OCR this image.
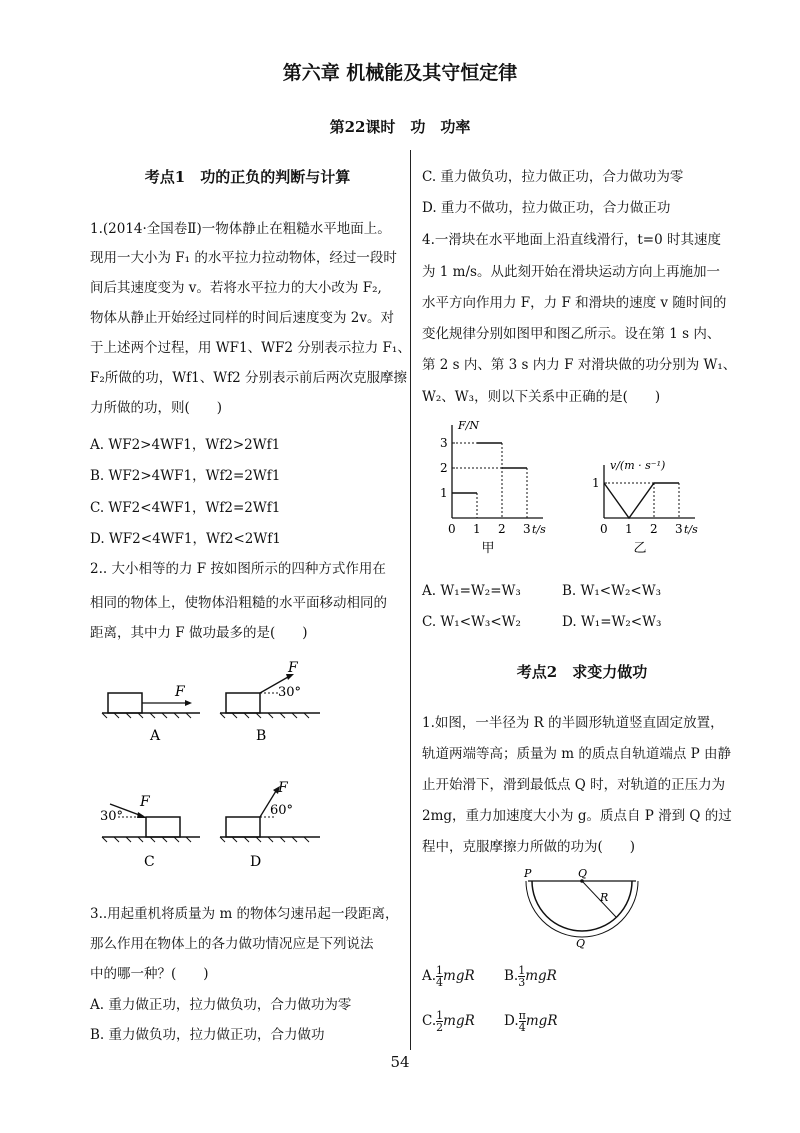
第六章 机械能及其守恒定律
第22课时　功　功率
考点1　功的正负的判断与计算
1.(2014·全国卷Ⅱ)一物体静止在粗糙水平地面上。
现用一大小为 F₁ 的水平拉力拉动物体，经过一段时
间后其速度变为 v。若将水平拉力的大小改为 F₂,
物体从静止开始经过同样的时间后速度变为 2v。对
于上述两个过程，用 WF1、WF2 分别表示拉力 F₁、
F₂所做的功，Wf1、Wf2 分别表示前后两次克服摩擦
力所做的功，则(　　)
A. WF2>4WF1，Wf2>2Wf1
B. WF2>4WF1，Wf2=2Wf1
C. WF2<4WF1，Wf2=2Wf1
D. WF2<4WF1，Wf2<2Wf1
2.. 大小相等的力 F 按如图所示的四种方式作用在
相同的物体上，使物体沿粗糙的水平面移动相同的
距离，其中力 F 做功最多的是(　　)
F
A
F
30°
B
F
30°
C
F
60°
D
3..用起重机将质量为 m 的物体匀速吊起一段距离，
那么作用在物体上的各力做功情况应是下列说法
中的哪一种？(　　)
A. 重力做正功，拉力做负功，合力做功为零
B. 重力做负功，拉力做正功，合力做功
C. 重力做负功，拉力做正功，合力做功为零
D. 重力不做功，拉力做正功，合力做正功
4.一滑块在水平地面上沿直线滑行，t=0 时其速度
为 1 m/s。从此刻开始在滑块运动方向上再施加一
水平方向作用力 F，力 F 和滑块的速度 v 随时间的
变化规律分别如图甲和图乙所示。设在第 1 s 内、
第 2 s 内、第 3 s 内力 F 对滑块做的功分别为 W₁、
W₂、W₃，则以下关系中正确的是(　　)
F/N
t/s
0 1 2 3
1
2
3
甲
v/(m · s⁻¹)
t/s
0 1 2 3
1
乙
A. W₁=W₂=W₃	B. W₁<W₂<W₃
C. W₁<W₃<W₂	D. W₁=W₂<W₃
考点2　求变力做功
1.如图，一半径为 R 的半圆形轨道竖直固定放置，
轨道两端等高；质量为 m 的质点自轨道端点 P 由静
止开始滑下，滑到最低点 Q 时，对轨道的正压力为
2mg，重力加速度大小为 g。质点自 P 滑到 Q 的过
程中，克服摩擦力所做的功为(　　)
P	Q
R
Q
A. $\frac{1}{4}$ mgR B. $\frac{1}{3}$ mgR
C. $\frac{1}{2}$ mgR D. $\frac{\pi}{4}$ mgR
54
